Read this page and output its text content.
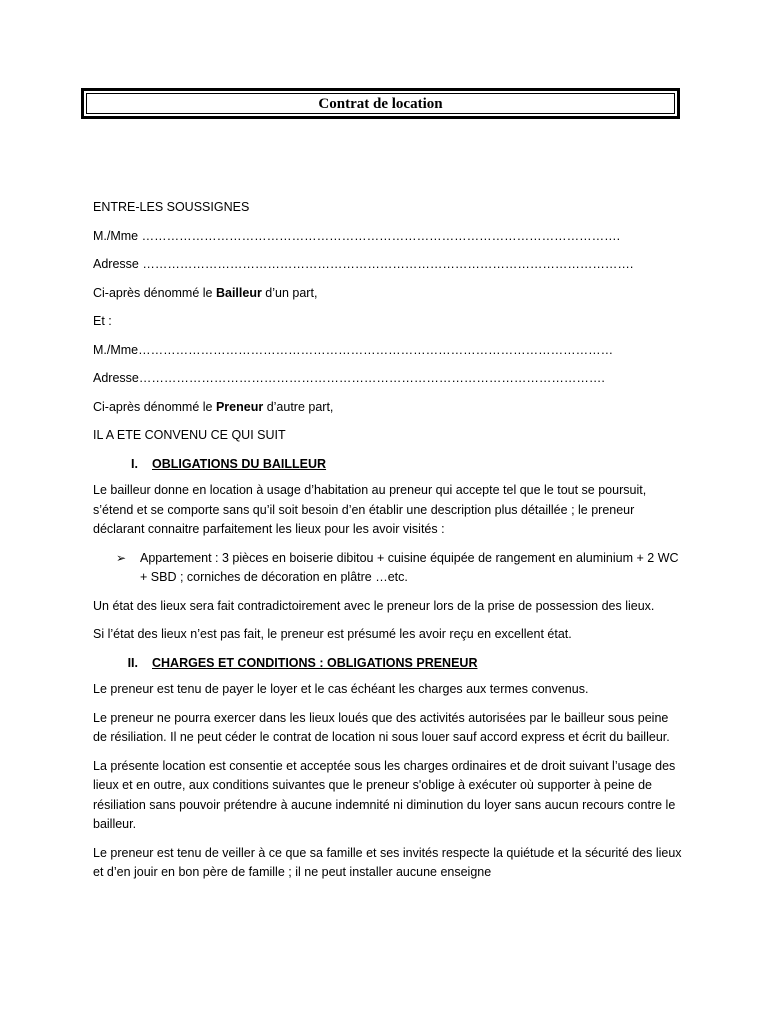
Contrat de location

ENTRE-LES SOUSSIGNES

M./Mme …………………………………………………………………………………………………….

Adresse ……………………………………………………………………………………………………….

Ci-après dénommé le Bailleur d’un part,

Et :

M./Mme……………………………………………………………………………………………………

Adresse………………………………………………………………………………………………….

Ci-après dénommé le Preneur d’autre part,

IL A ETE CONVENU CE QUI SUIT

I. OBLIGATIONS DU BAILLEUR

Le bailleur donne en location à usage d’habitation au preneur qui accepte tel que le tout se poursuit, s’étend et se comporte sans qu’il soit besoin d’en établir une description plus détaillée ; le preneur déclarant connaitre parfaitement les lieux pour les avoir visités :

➢	Appartement : 3 pièces en boiserie dibitou + cuisine équipée de rangement en aluminium + 2 WC + SBD ; corniches de décoration en plâtre …etc.

Un état des lieux sera fait contradictoirement avec le preneur lors de la prise de possession des lieux.

Si l’état des lieux n’est pas fait, le preneur est présumé les avoir reçu en excellent état.

II. CHARGES ET CONDITIONS : OBLIGATIONS PRENEUR

Le preneur est tenu de payer le loyer et le cas échéant les charges aux termes convenus.

Le preneur ne pourra exercer dans les lieux loués que des activités autorisées par le bailleur sous peine de résiliation. Il ne peut céder le contrat de location ni sous louer sauf accord express et écrit du bailleur.

La présente location est consentie et acceptée sous les charges ordinaires et de droit suivant l’usage des lieux et en outre, aux conditions suivantes que le preneur s'oblige à exécuter où supporter à peine de résiliation sans pouvoir prétendre à aucune indemnité ni diminution du loyer sans aucun recours contre le bailleur.

Le preneur est tenu de veiller à ce que sa famille et ses invités respecte la quiétude et la sécurité des lieux et d’en jouir en bon père de famille ; il ne peut installer aucune enseigne
